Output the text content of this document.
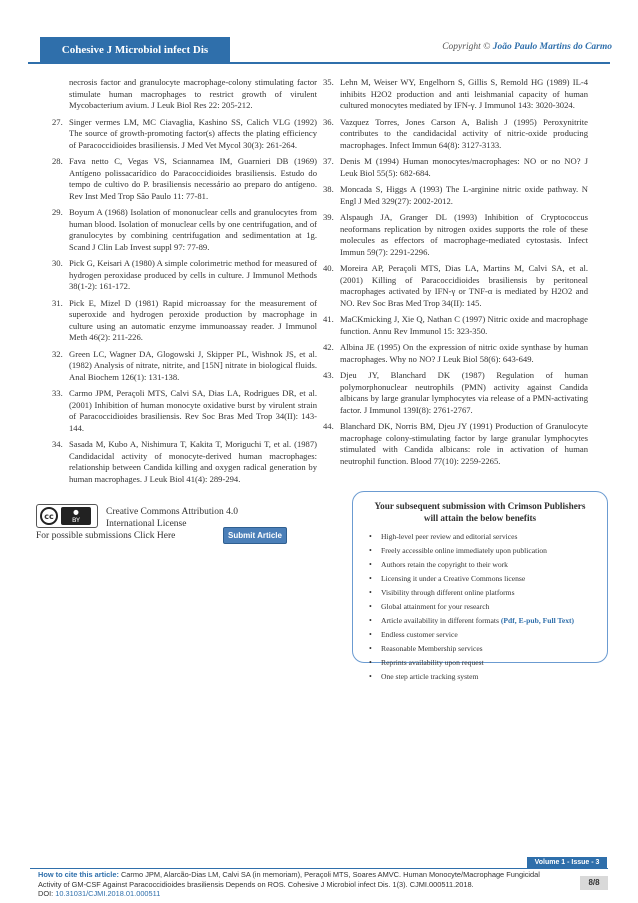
Cohesive J Microbiol infect Dis	Copyright © João Paulo Martins do Carmo
necrosis factor and granulocyte macrophage-colony stimulating factor stimulate human macrophages to restrict growth of virulent Mycobacterium avium. J Leuk Biol Res 22: 205-212.
27. Singer vermes LM, MC Ciavaglia, Kashino SS, Calich VLG (1992) The source of growth-promoting factor(s) affects the plating efficiency of Paracoccidioides brasiliensis. J Med Vet Mycol 30(3): 261-264.
28. Fava netto C, Vegas VS, Sciannamea IM, Guarnieri DB (1969) Antígeno polissacarídico do Paracoccidioides brasiliensis. Estudo do tempo de cultivo do P. brasiliensis necessário ao preparo do antígeno. Rev Inst Med Trop São Paulo 11: 77-81.
29. Boyum A (1968) Isolation of mononuclear cells and granulocytes from human blood. Isolation of monuclear cells by one centrifugation, and of granulocytes by combining centrifugation and sedimentation at 1g. Scand J Clin Lab Invest suppl 97: 77-89.
30. Pick G, Keisari A (1980) A simple colorimetric method for measured of hydrogen peroxidase produced by cells in culture. J Immunol Methods 38(1-2): 161-172.
31. Pick E, Mizel D (1981) Rapid microassay for the measurement of superoxide and hydrogen peroxide production by macrophage in culture using an automatic enzyme immunoassay reader. J Immunol Meth 46(2): 211-226.
32. Green LC, Wagner DA, Glogowski J, Skipper PL, Wishnok JS, et al. (1982) Analysis of nitrate, nitrite, and [15N] nitrate in biological fluids. Anal Biochem 126(1): 131-138.
33. Carmo JPM, Peraçoli MTS, Calvi SA, Dias LA, Rodrigues DR, et al. (2001) Inhibition of human monocyte oxidative burst by virulent strain of Paracoccidioides brasiliensis. Rev Soc Bras Med Trop 34(II): 143-144.
34. Sasada M, Kubo A, Nishimura T, Kakita T, Moriguchi T, et al. (1987) Candidacidal activity of monocyte-derived human macrophages: relationship between Candida killing and oxygen radical generation by human macrophages. J Leuk Biol 41(4): 289-294.
35. Lehn M, Weiser WY, Engelhorn S, Gillis S, Remold HG (1989) IL-4 inhibits H2O2 production and anti leishmanial capacity of human cultured monocytes mediated by IFN-γ. J Immunol 143: 3020-3024.
36. Vazquez Torres, Jones Carson A, Balish J (1995) Peroxynitrite contributes to the candidacidal activity of nitric-oxide producing macrophages. Infect Immun 64(8): 3127-3133.
37. Denis M (1994) Human monocytes/macrophages: NO or no NO? J Leuk Biol 55(5): 682-684.
38. Moncada S, Higgs A (1993) The L-arginine nitric oxide pathway. N Engl J Med 329(27): 2002-2012.
39. Alspaugh JA, Granger DL (1993) Inhibition of Cryptococcus neoformans replication by nitrogen oxides supports the role of these molecules as effectors of macrophage-mediated cytostasis. Infect Immun 59(7): 2291-2296.
40. Moreira AP, Peraçoli MTS, Dias LA, Martins M, Calvi SA, et al. (2001) Killing of Paracoccidioides brasiliensis by peritoneal macrophages activated by IFN-γ or TNF-α is mediated by H2O2 and NO. Rev Soc Bras Med Trop 34(II): 145.
41. MaCKmicking J, Xie Q, Nathan C (1997) Nitric oxide and macrophage function. Annu Rev Immunol 15: 323-350.
42. Albina JE (1995) On the expression of nitric oxide synthase by human macrophages. Why no NO? J Leuk Biol 58(6): 643-649.
43. Djeu JY, Blanchard DK (1987) Regulation of human polymorphonuclear neutrophils (PMN) activity against Candida albicans by large granular lymphocytes via release of a PMN-activating factor. J Immunol 139I(8): 2761-2767.
44. Blanchard DK, Norris BM, Djeu JY (1991) Production of Granulocyte macrophage colony-stimulating factor by large granular lymphocytes stimulated with Candida albicans: role in activation of human neutrophil function. Blood 77(10): 2259-2265.
cc	●
BY
Creative Commons Attribution 4.0
International License
For possible submissions Click Here	Submit Article
Your subsequent submission with Crimson Publishers
will attain the below benefits
• High-level peer review and editorial services
• Freely accessible online immediately upon publication
• Authors retain the copyright to their work
• Licensing it under a Creative Commons license
• Visibility through different online platforms
• Global attainment for your research
• Article availability in different formats (Pdf, E-pub, Full Text)
• Endless customer service
• Reasonable Membership services
• Reprints availability upon request
• One step article tracking system
Volume 1 - Issue - 3
How to cite this article: Carmo JPM, Alarcão-Dias LM, Calvi SA (in memoriam), Peraçoli MTS, Soares AMVC. Human Monocyte/Macrophage Fungicidal Activity of GM-CSF Against Paracoccidioides brasiliensis Depends on ROS. Cohesive J Microbiol infect Dis. 1(3). CJMI.000511.2018.
DOI: 10.31031/CJMI.2018.01.000511
8/8
